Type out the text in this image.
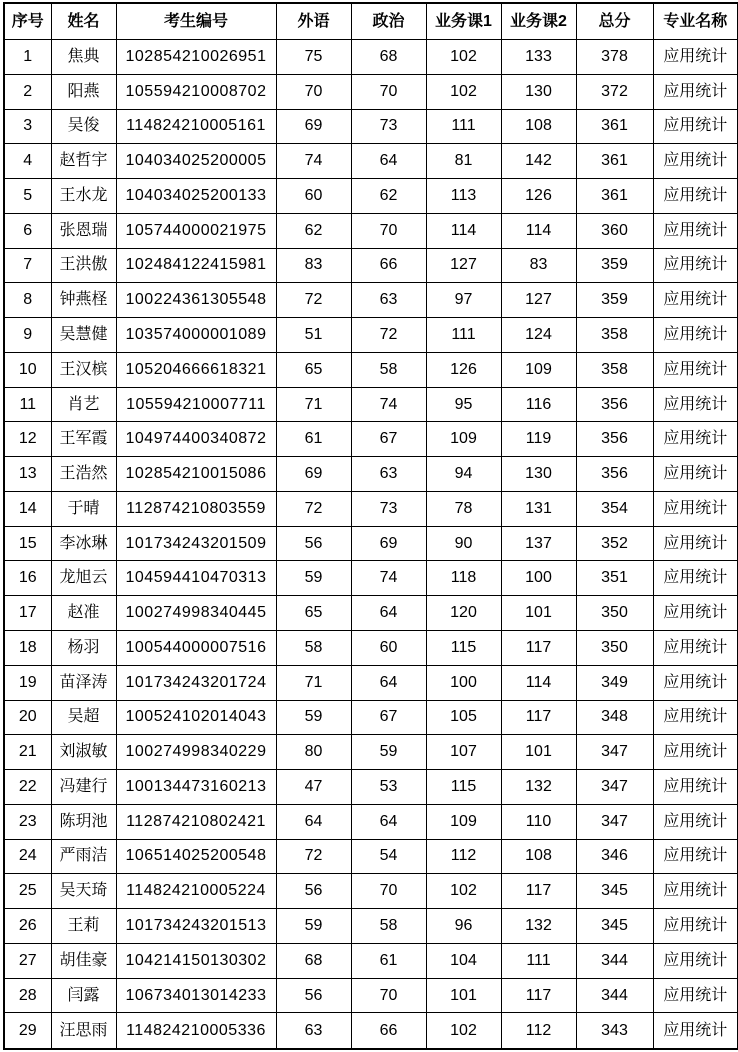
序号	姓名	考生编号	外语	政治	业务课1	业务课2	总分	专业名称
1	焦典	102854210026951	75	68	102	133	378	应用统计
2	阳燕	105594210008702	70	70	102	130	372	应用统计
3	吴俊	114824210005161	69	73	111	108	361	应用统计
4	赵哲宇	104034025200005	74	64	81	142	361	应用统计
5	王水龙	104034025200133	60	62	113	126	361	应用统计
6	张恩瑞	105744000021975	62	70	114	114	360	应用统计
7	王洪傲	102484122415981	83	66	127	83	359	应用统计
8	钟燕柽	100224361305548	72	63	97	127	359	应用统计
9	吴慧健	103574000001089	51	72	111	124	358	应用统计
10	王汉槟	105204666618321	65	58	126	109	358	应用统计
11	肖艺	105594210007711	71	74	95	116	356	应用统计
12	王军霞	104974400340872	61	67	109	119	356	应用统计
13	王浩然	102854210015086	69	63	94	130	356	应用统计
14	于晴	112874210803559	72	73	78	131	354	应用统计
15	李冰琳	101734243201509	56	69	90	137	352	应用统计
16	龙旭云	104594410470313	59	74	118	100	351	应用统计
17	赵准	100274998340445	65	64	120	101	350	应用统计
18	杨羽	100544000007516	58	60	115	117	350	应用统计
19	苗泽涛	101734243201724	71	64	100	114	349	应用统计
20	吴超	100524102014043	59	67	105	117	348	应用统计
21	刘淑敏	100274998340229	80	59	107	101	347	应用统计
22	冯建行	100134473160213	47	53	115	132	347	应用统计
23	陈玥池	112874210802421	64	64	109	110	347	应用统计
24	严雨洁	106514025200548	72	54	112	108	346	应用统计
25	吴天琦	114824210005224	56	70	102	117	345	应用统计
26	王莉	101734243201513	59	58	96	132	345	应用统计
27	胡佳豪	104214150130302	68	61	104	111	344	应用统计
28	闫露	106734013014233	56	70	101	117	344	应用统计
29	汪思雨	114824210005336	63	66	102	112	343	应用统计
